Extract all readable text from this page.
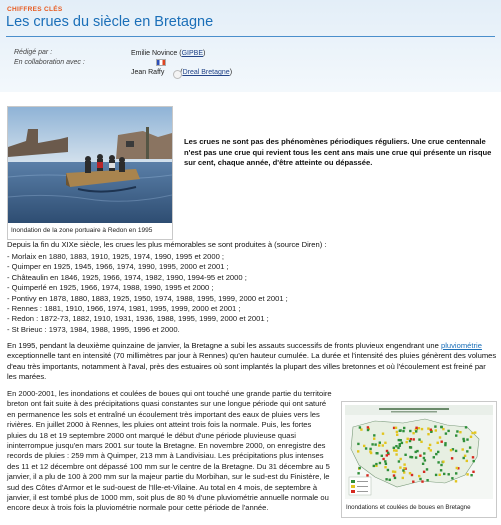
CHIFFRES CLÉS
Les crues du siècle en Bretagne
Rédigé par :
En collaboration avec :
Emilie Novince (GIPBE)
Jean Raffy	Dreal Bretagne)
Inondation de la zone portuaire à Redon en 1995
Les crues ne sont pas des phénomènes périodiques réguliers. Une crue centennale n'est pas une crue qui revient tous les cent ans mais une crue qui présente un risque sur cent, chaque année, d'être atteinte ou dépassée.

Depuis la fin du XIXe siècle, les crues les plus mémorables se sont produites à (source Diren) :

- Morlaix en 1880, 1883, 1910, 1925, 1974, 1990, 1995 et 2000 ;
- Quimper en 1925, 1945, 1966, 1974, 1990, 1995, 2000 et 2001 ;
- Châteaulin en 1846, 1925, 1966, 1974, 1982, 1990, 1994-95 et 2000 ;
- Quimperlé en 1925, 1966, 1974, 1988, 1990, 1995 et 2000 ;
- Pontivy en 1878, 1880, 1883, 1925, 1950, 1974, 1988, 1995, 1999, 2000 et 2001 ;
- Rennes : 1881, 1910, 1966, 1974, 1981, 1995, 1999, 2000 et 2001 ;
- Redon : 1872-73, 1882, 1910, 1931, 1936, 1988, 1995, 1999, 2000 et 2001 ;
- St Brieuc : 1973, 1984, 1988, 1995, 1996 et 2000.

En 1995, pendant la deuxième quinzaine de janvier, la Bretagne a subi les assauts successifs de fronts pluvieux engendrant une pluviométrie exceptionnelle tant en intensité (70 millimètres par jour à Rennes) qu'en hauteur cumulée. La durée et l'intensité des pluies génèrent des volumes d'eau très importants, notamment à l'aval, près des estuaires où sont implantés la plupart des villes bretonnes et où l'écoulement est freiné par les marées.

En 2000-2001, les inondations et coulées de boues qui ont touché une grande partie du territoire breton ont fait suite à des précipitations quasi constantes sur une longue période qui ont saturé en permanence les sols et entraîné un écoulement très important des eaux de pluies vers les rivières. En juillet 2000 à Rennes, les pluies ont atteint trois fois la normale. Puis, les fortes pluies du 18 et 19 septembre 2000 ont marqué le début d'une période pluvieuse quasi ininterrompue jusqu'en mars 2001 sur toute la Bretagne. En novembre 2000, on enregistre des records de pluies : 259 mm à Quimper, 213 mm à Landivisiau. Les précipitations plus intenses des 11 et 12 décembre ont dépassé 100 mm sur le centre de la Bretagne. Du 31 décembre au 5 janvier, il a plu de 100 à 200 mm sur la majeur partie du Morbihan, sur le sud-est du Finistère, le sud des Côtes d'Armor et le sud-ouest de l'Ille-et-Vilaine. Au total en 4 mois, de septembre à janvier, il est tombé plus de 1000 mm, soit plus de 80 % d'une pluviométrie annuelle normale ou encore deux à trois fois la pluviométrie normale pour cette période de l'année.	Inondations et coulées de boues en Bretagne
